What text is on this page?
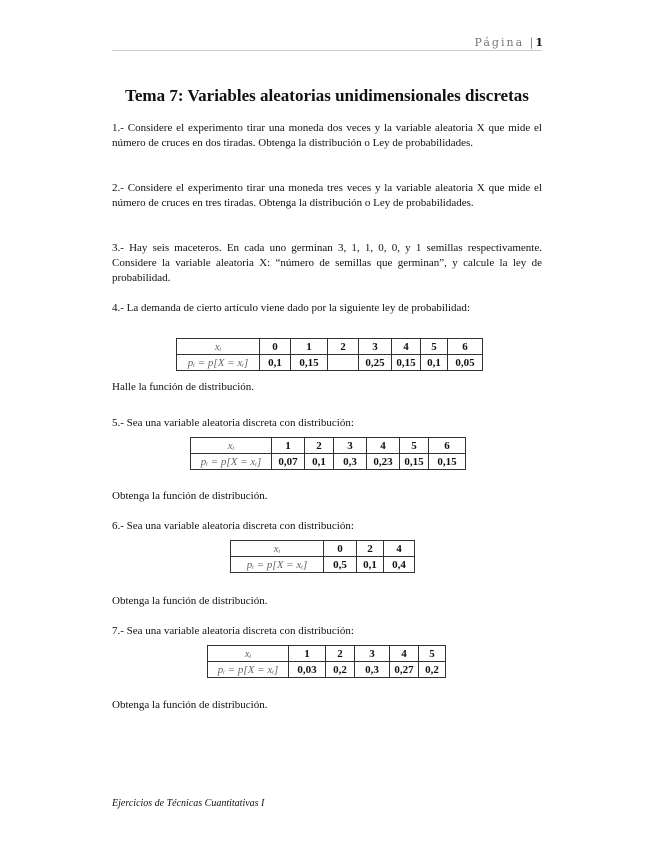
Página |1
Tema 7: Variables aleatorias unidimensionales discretas
1.- Considere el experimento tirar una moneda dos veces y la variable aleatoria X que mide el número de cruces en dos tiradas. Obtenga la distribución o Ley de probabilidades.
2.- Considere el experimento tirar una moneda tres veces y la variable aleatoria X que mide el número de cruces en tres tiradas. Obtenga la distribución o Ley de probabilidades.
3.- Hay seis maceteros. En cada uno germinan 3, 1, 1, 0, 0, y 1 semillas respectivamente. Considere la variable aleatoria X: “número de semillas que germinan”, y calcule la ley de probabilidad.
4.- La demanda de cierto artículo viene dado por la siguiente ley de probabilidad:
xᵢ	0	1	2	3	4	5	6
pᵢ = p[X = xᵢ]	0,1	0,15		0,25	0,15	0,1	0,05
Halle la función de distribución.
5.- Sea una variable aleatoria discreta con distribución:
xᵢ	1	2	3	4	5	6
pᵢ = p[X = xᵢ]	0,07	0,1	0,3	0,23	0,15	0,15
Obtenga la función de distribución.
6.- Sea una variable aleatoria discreta con distribución:
xᵢ	0	2	4
pᵢ = p[X = xᵢ]	0,5	0,1	0,4
Obtenga la función de distribución.
7.- Sea una variable aleatoria discreta con distribución:
xᵢ	1	2	3	4	5
pᵢ = p[X = xᵢ]	0,03	0,2	0,3	0,27	0,2
Obtenga la función de distribución.
Ejercicios de Técnicas Cuantitativas I
